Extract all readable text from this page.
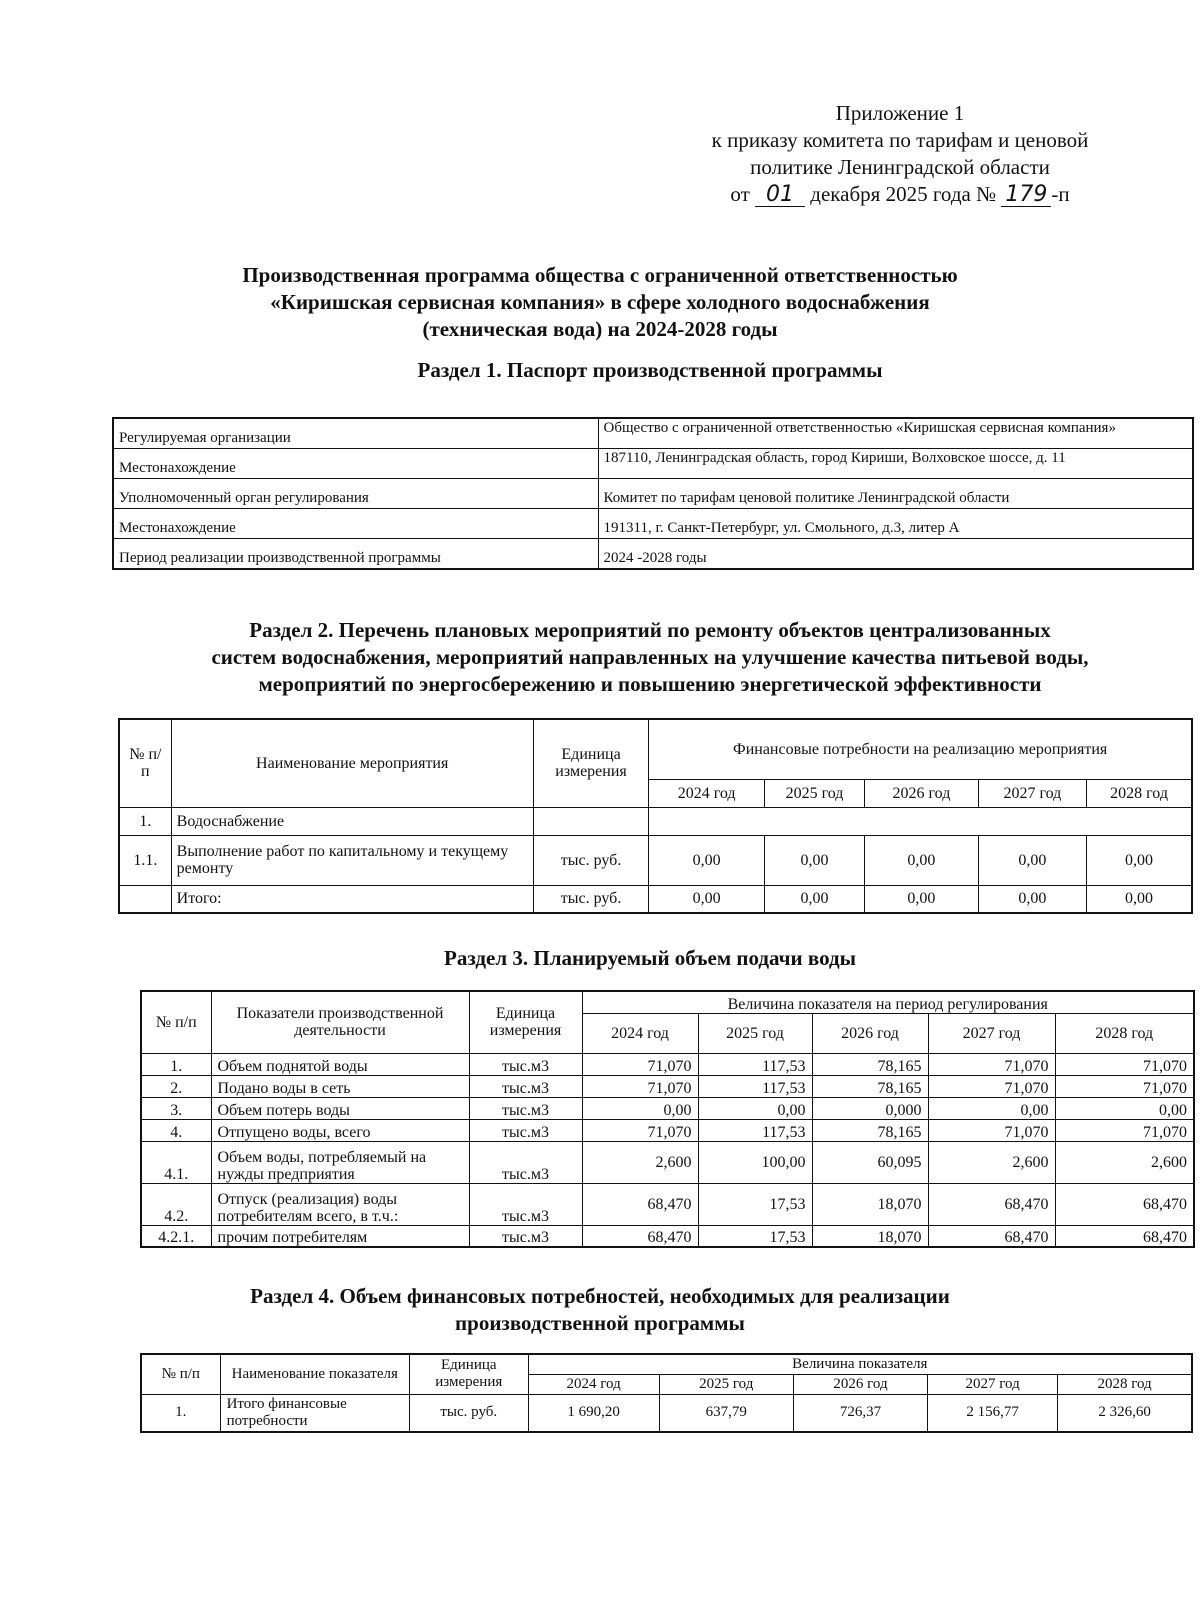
Приложение 1
к приказу комитета по тарифам и ценовой
политике Ленинградской области
от 01 декабря 2025 года № 179 -п
Производственная программа общества с ограниченной ответственностью
«Киришская сервисная компания» в сфере холодного водоснабжения
(техническая вода) на 2024-2028 годы
Раздел 1. Паспорт производственной программы
Регулируемая организации	Общество с ограниченной ответственностью «Киришская сервисная компания»
Местонахождение	187110, Ленинградская область, город Кириши, Волховское шоссе, д. 11
Уполномоченный орган регулирования	Комитет по тарифам ценовой политике Ленинградской области
Местонахождение	191311, г. Санкт-Петербург, ул. Смольного, д.3, литер А
Период реализации производственной программы	2024 -2028 годы
Раздел 2. Перечень плановых мероприятий по ремонту объектов централизованных
систем водоснабжения, мероприятий направленных на улучшение качества питьевой воды,
мероприятий по энергосбережению и повышению энергетической эффективности
№ п/п	Наименование мероприятия	Единица измерения	Финансовые потребности на реализацию мероприятия				
			2024 год	2025 год	2026 год	2027 год	2028 год
1.	Водоснабжение						
1.1.	Выполнение работ по капитальному и текущему ремонту	тыс. руб.	0,00	0,00	0,00	0,00	0,00
	Итого:	тыс. руб.	0,00	0,00	0,00	0,00	0,00
Раздел 3. Планируемый объем подачи воды
№ п/п	Показатели производственной деятельности	Единица измерения	Величина показателя на период регулирования				
			2024 год	2025 год	2026 год	2027 год	2028 год
1.	Объем поднятой воды	тыс.м3	71,070	117,53	78,165	71,070	71,070
2.	Подано воды в сеть	тыс.м3	71,070	117,53	78,165	71,070	71,070
3.	Объем потерь воды	тыс.м3	0,00	0,00	0,000	0,00	0,00
4.	Отпущено воды, всего	тыс.м3	71,070	117,53	78,165	71,070	71,070
4.1.	Объем воды, потребляемый на нужды предприятия	тыс.м3	2,600	100,00	60,095	2,600	2,600
4.2.	Отпуск (реализация) воды потребителям всего, в т.ч.:	тыс.м3	68,470	17,53	18,070	68,470	68,470
4.2.1.	прочим потребителям	тыс.м3	68,470	17,53	18,070	68,470	68,470
Раздел 4. Объем финансовых потребностей, необходимых для реализации
производственной программы
№ п/п	Наименование показателя	Единица измерения	Величина показателя				
			2024 год	2025 год	2026 год	2027 год	2028 год
1.	Итого финансовые потребности	тыс. руб.	1 690,20	637,79	726,37	2 156,77	2 326,60
